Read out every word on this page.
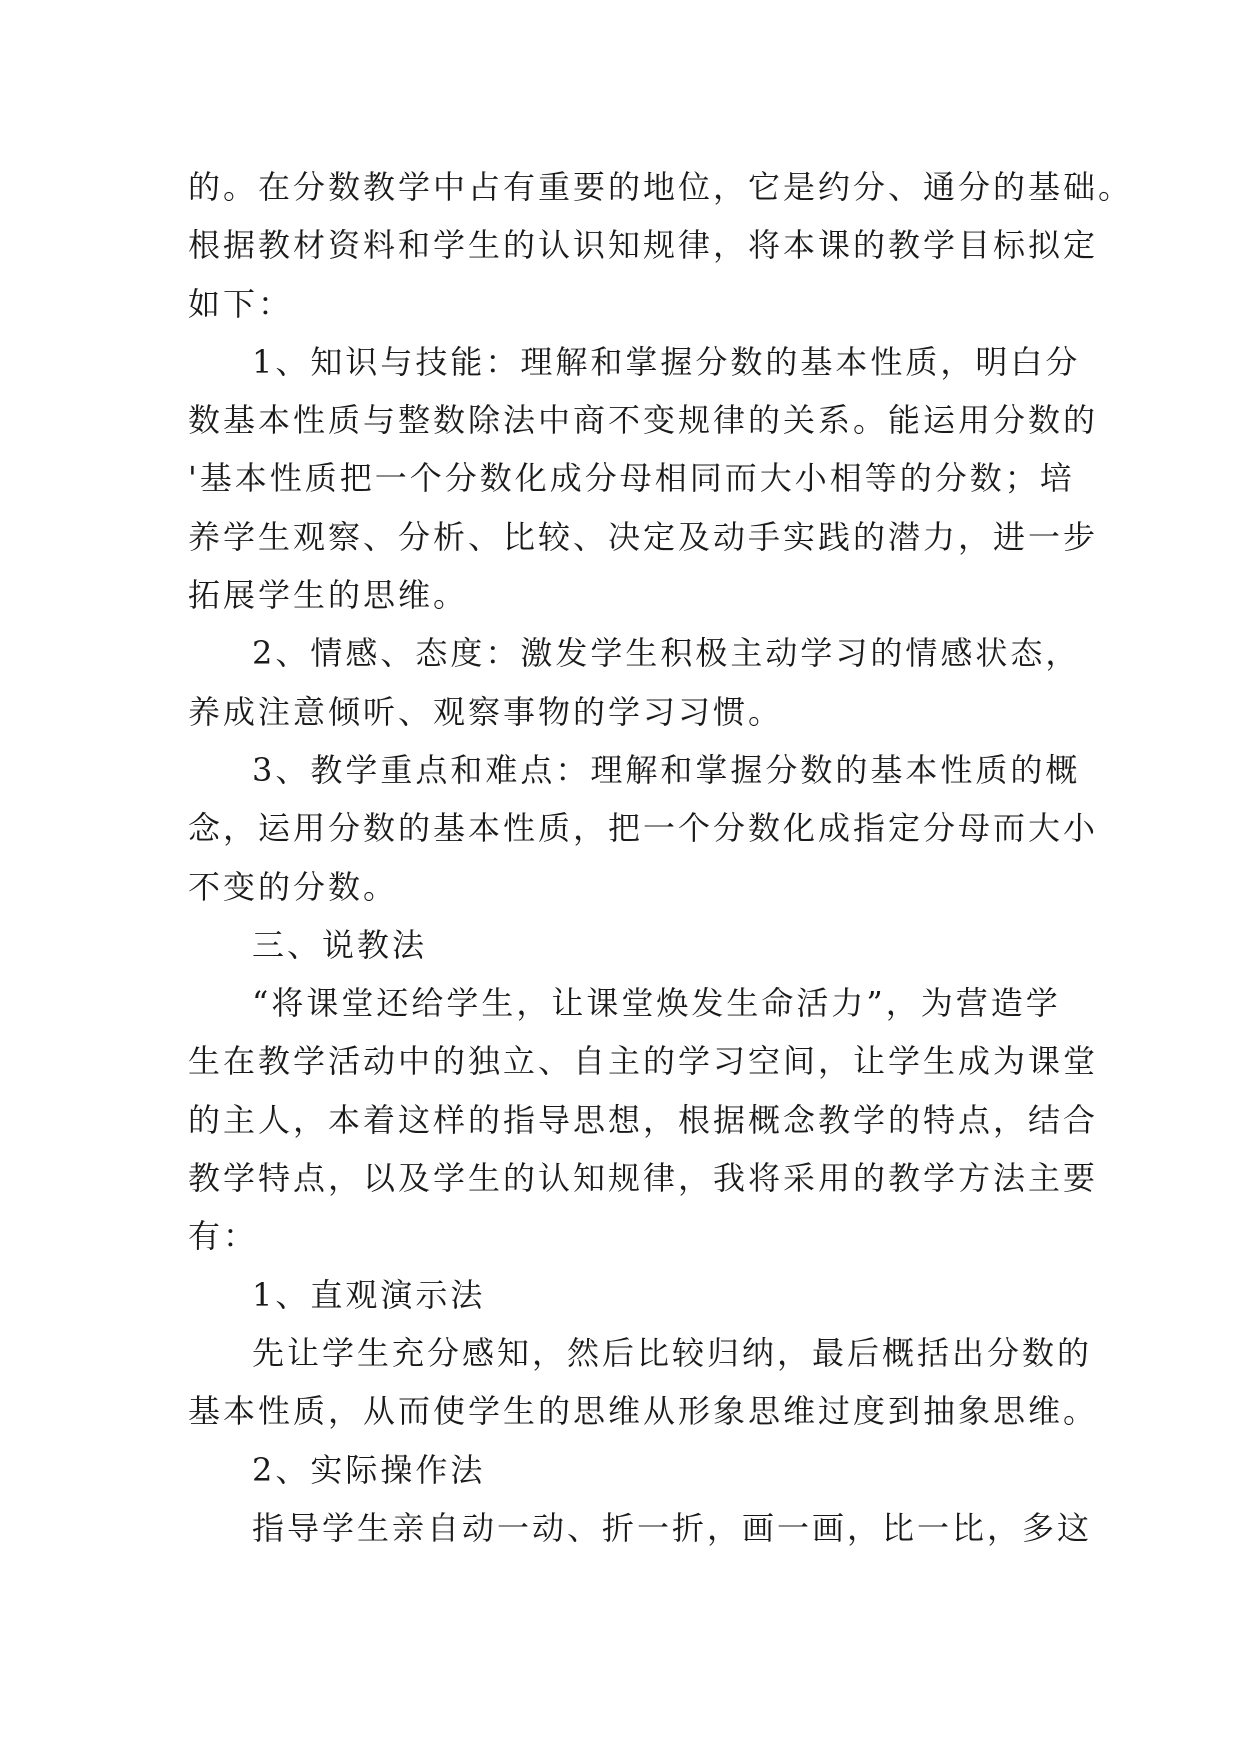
的。在分数教学中占有重要的地位，它是约分、通分的基础。
根据教材资料和学生的认识知规律，将本课的教学目标拟定
如下：
1、知识与技能：理解和掌握分数的基本性质，明白分
数基本性质与整数除法中商不变规律的关系。能运用分数的
'基本性质把一个分数化成分母相同而大小相等的分数；培
养学生观察、分析、比较、决定及动手实践的潜力，进一步
拓展学生的思维。
2、情感、态度：激发学生积极主动学习的情感状态，
养成注意倾听、观察事物的学习习惯。
3、教学重点和难点：理解和掌握分数的基本性质的概
念，运用分数的基本性质，把一个分数化成指定分母而大小
不变的分数。
三、说教法
“将课堂还给学生，让课堂焕发生命活力”，为营造学
生在教学活动中的独立、自主的学习空间，让学生成为课堂
的主人，本着这样的指导思想，根据概念教学的特点，结合
教学特点，以及学生的认知规律，我将采用的教学方法主要
有：
1、直观演示法
先让学生充分感知，然后比较归纳，最后概括出分数的
基本性质，从而使学生的思维从形象思维过度到抽象思维。
2、实际操作法
指导学生亲自动一动、折一折，画一画，比一比，多这
